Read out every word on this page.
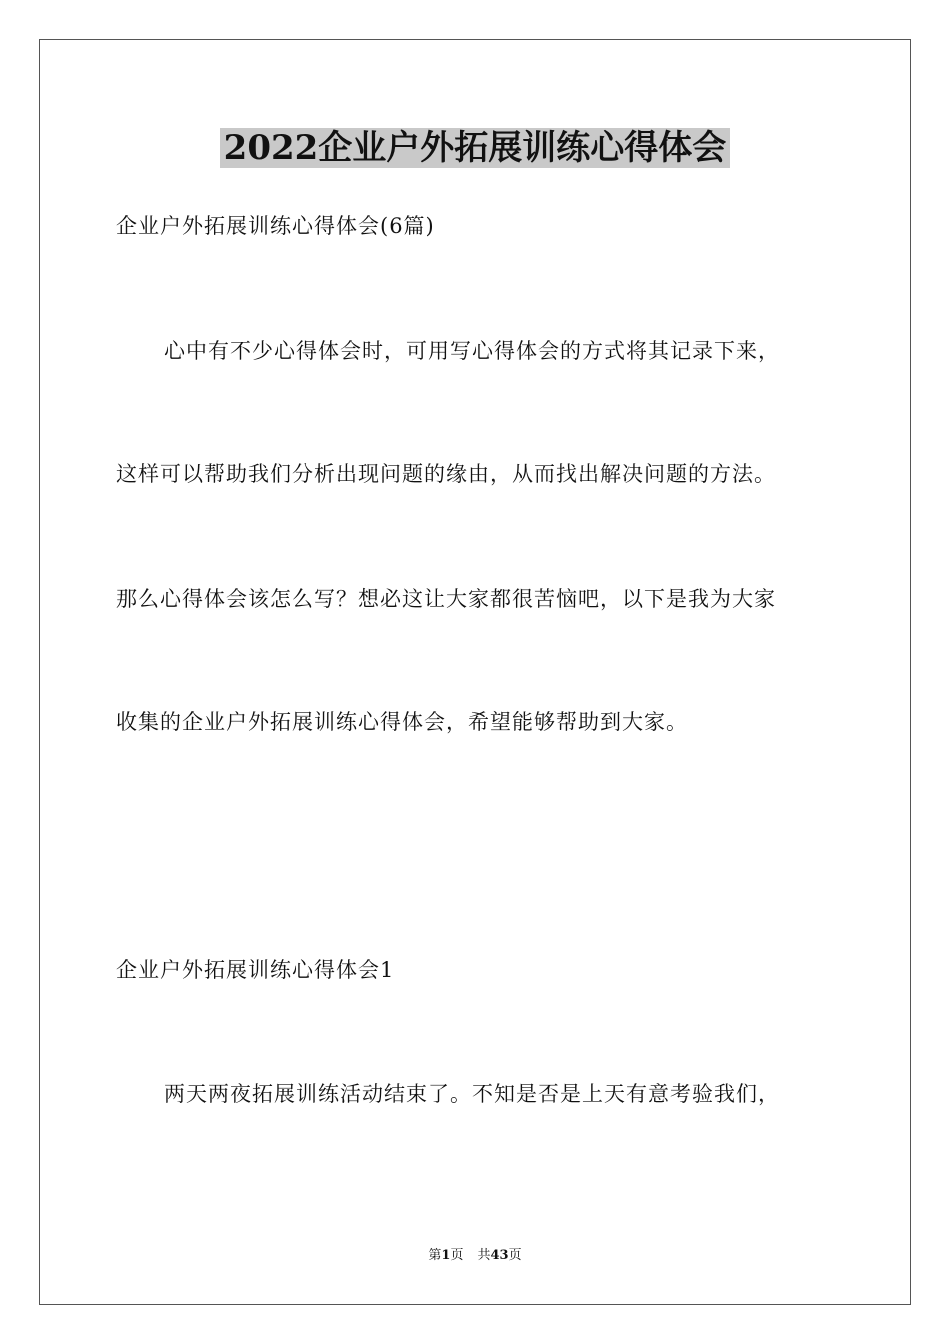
2022企业户外拓展训练心得体会

企业户外拓展训练心得体会(6篇)

心中有不少心得体会时，可用写心得体会的方式将其记录下来，

这样可以帮助我们分析出现问题的缘由，从而找出解决问题的方法。

那么心得体会该怎么写？想必这让大家都很苦恼吧，以下是我为大家

收集的企业户外拓展训练心得体会，希望能够帮助到大家。

企业户外拓展训练心得体会1

两天两夜拓展训练活动结束了。不知是否是上天有意考验我们，

第1页 共43页
